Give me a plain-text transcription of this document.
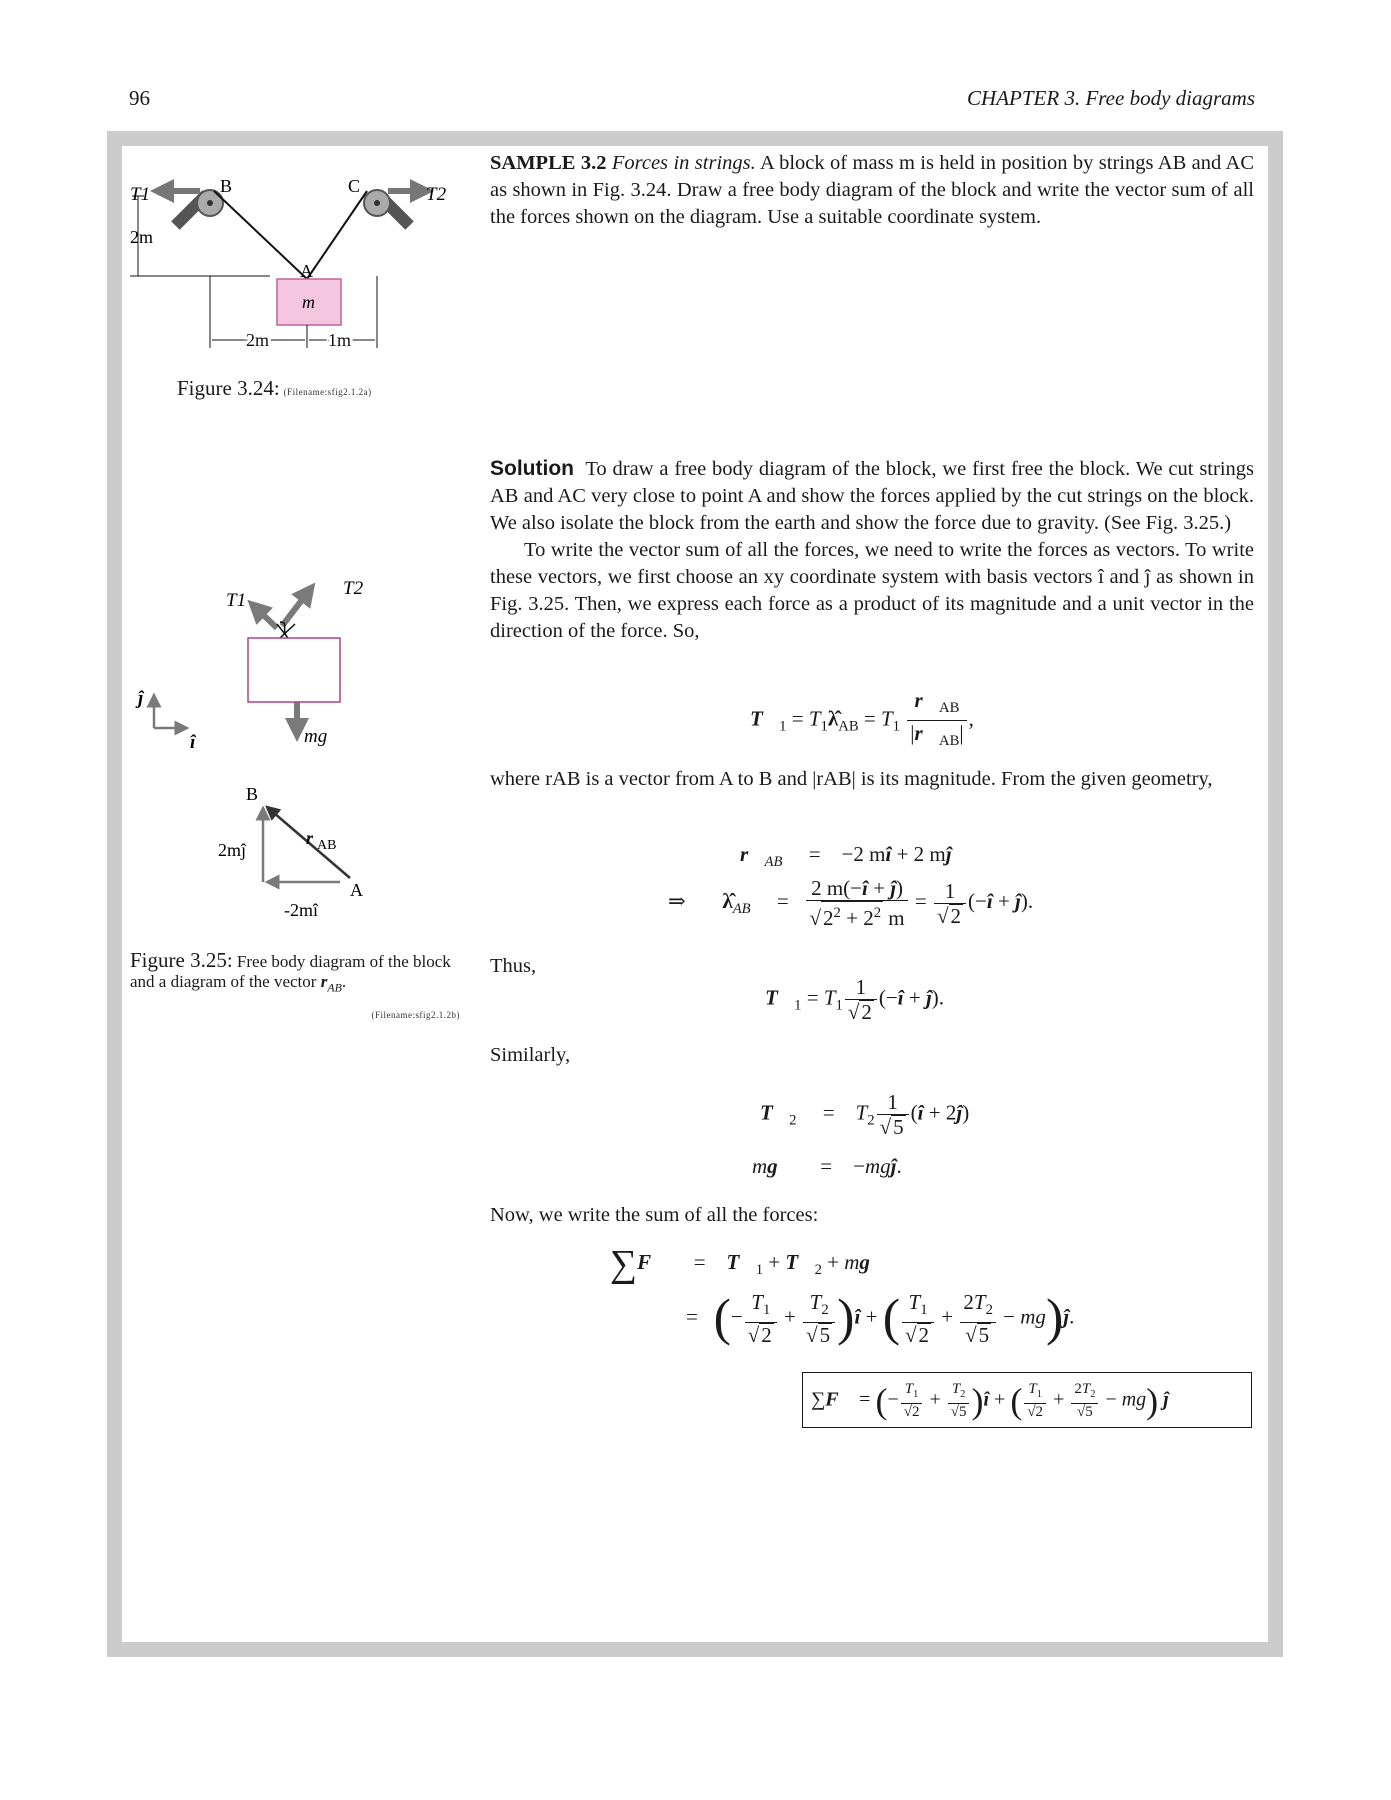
96	CHAPTER 3. Free body diagrams
T1	B	C	T2
A
m
2m
2m	1m
Figure 3.24: (Filename:sfig2.1.2a)
T1
T2
mg
ĵ
î
B
A
r AB
2mĵ
-2mî
Figure 3.25: Free body diagram of the block and a diagram of the vector $r_{AB}$.
(Filename:sfig2.1.2b)

SAMPLE 3.2 Forces in strings. A block of mass m is held in position by strings AB and AC as shown in Fig. 3.24. Draw a free body diagram of the block and write the vector sum of all the forces shown on the diagram. Use a suitable coordinate system.

Solution To draw a free body diagram of the block, we first free the block. We cut strings AB and AC very close to point A and show the forces applied by the cut strings on the block. We also isolate the block from the earth and show the force due to gravity. (See Fig. 3.25.)

To write the vector sum of all the forces, we need to write the forces as vectors. To write these vectors, we first choose an xy coordinate system with basis vectors î and ĵ as shown in Fig. 3.25. Then, we express each force as a product of its magnitude and a unit vector in the direction of the force. So,

$T⃗_1$ = $T_1\lambdâ_{AB} = T_1 \frac{r⃗_{AB}}{|r⃗_{AB}|}$ ,

where rAB is a vector from A to B and |rAB| is its magnitude. From the given geometry,

$r⃗_{AB}$     =    −2 mî + 2 mĵ
⇒       $\lambdâ_{AB}$     = $\frac{2 m(-î + ĵ)}{√2^2 + 2^2 m} = \frac{1}{√2}$ (−î + ĵ).

Thus,

$T⃗_1 = T_1 \frac{1}{√2}$ (−î + ĵ).

Similarly,

$T⃗_2$     =    $T_2 \frac{1}{√5}$ (î + 2ĵ)
mg⃗     =    −mgĵ.

Now, we write the sum of all the forces:

∑F⃗     =    $T⃗_1$ + $T⃗_2$ + mg⃗
=   (− $\frac{T_1}{√2} + \frac{T_2}{√5}$ )î + ( $\frac{T_1}{√2} + \frac{2T_2}{√5}$ − mg)ĵ.
∑F⃗ = (− $\frac{T_1}{√2} + \frac{T_2}{√5}$ )î + ( $\frac{T_1}{√2} + \frac{2T_2}{√5} - mg$) ĵ
